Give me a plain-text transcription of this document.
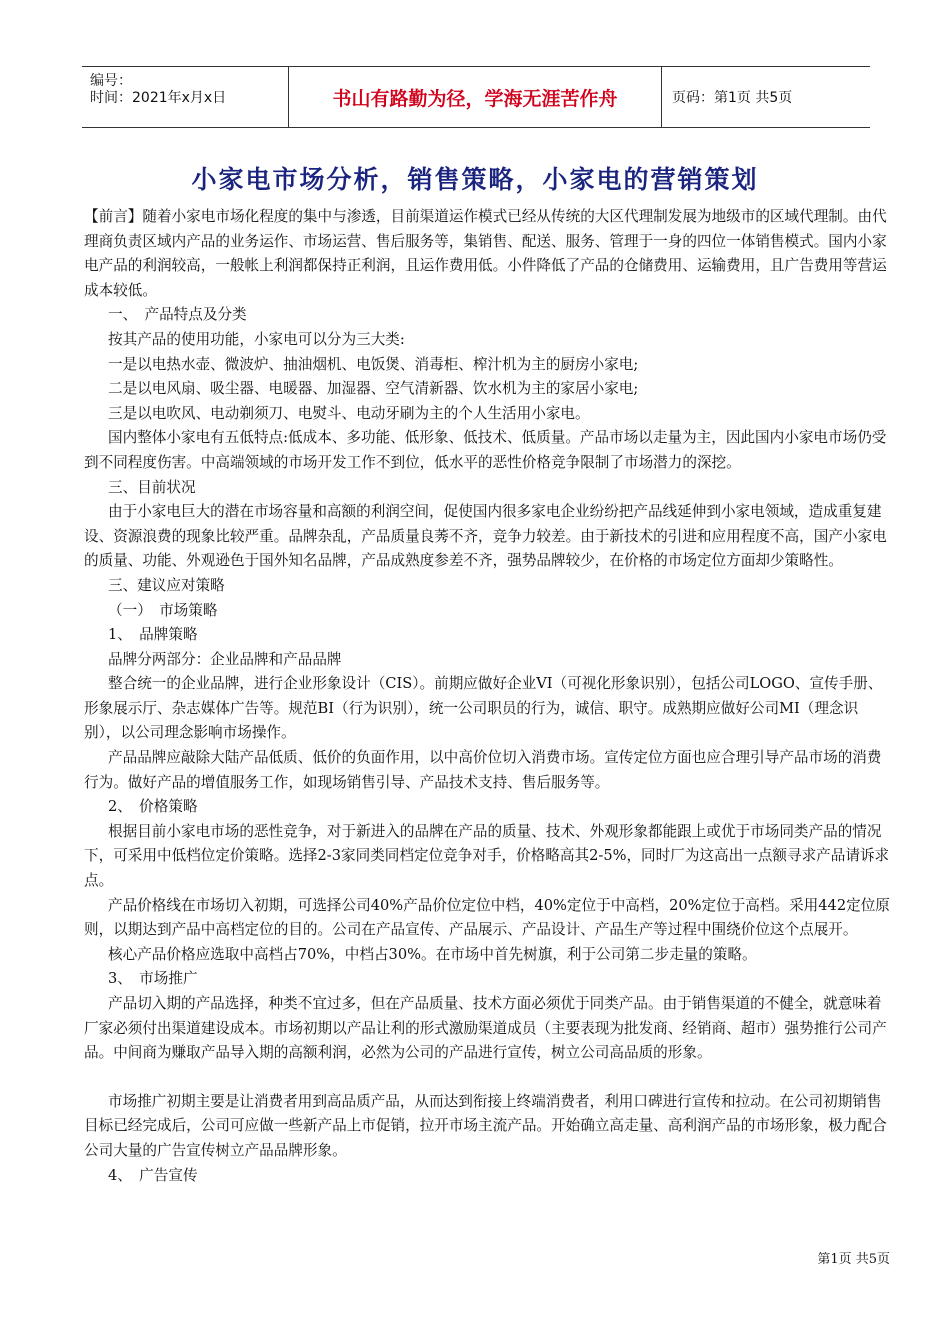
编号：
时间：2021年x月x日	书山有路勤为径，学海无涯苦作舟	页码：第1页 共5页
小家电市场分析，销售策略，小家电的营销策划

【前言】随着小家电市场化程度的集中与渗透，目前渠道运作模式已经从传统的大区代理制发展为地级市的区域代理制。由代理商负责区域内产品的业务运作、市场运营、售后服务等，集销售、配送、服务、管理于一身的四位一体销售模式。国内小家电产品的利润较高，一般帐上利润都保持正利润，且运作费用低。小件降低了产品的仓储费用、运输费用，且广告费用等营运成本较低。

一、　产品特点及分类

按其产品的使用功能，小家电可以分为三大类:

一是以电热水壶、微波炉、抽油烟机、电饭煲、消毒柜、榨汁机为主的厨房小家电;

二是以电风扇、吸尘器、电暖器、加湿器、空气清新器、饮水机为主的家居小家电;

三是以电吹风、电动剃须刀、电熨斗、电动牙刷为主的个人生活用小家电。

国内整体小家电有五低特点:低成本、多功能、低形象、低技术、低质量。产品市场以走量为主，因此国内小家电市场仍受到不同程度伤害。中高端领域的市场开发工作不到位，低水平的恶性价格竞争限制了市场潜力的深挖。

三、目前状况

由于小家电巨大的潜在市场容量和高额的利润空间，促使国内很多家电企业纷纷把产品线延伸到小家电领域，造成重复建设、资源浪费的现象比较严重。品牌杂乱，产品质量良莠不齐，竞争力较差。由于新技术的引进和应用程度不高，国产小家电的质量、功能、外观逊色于国外知名品牌，产品成熟度参差不齐，强势品牌较少，在价格的市场定位方面却少策略性。

三、建议应对策略

（一）　市场策略

1、　品牌策略

品牌分两部分：企业品牌和产品品牌

整合统一的企业品牌，进行企业形象设计（CIS）。前期应做好企业VI（可视化形象识别），包括公司LOGO、宣传手册、形象展示厅、杂志媒体广告等。规范BI（行为识别），统一公司职员的行为，诚信、职守。成熟期应做好公司MI（理念识别），以公司理念影响市场操作。

产品品牌应敲除大陆产品低质、低价的负面作用，以中高价位切入消费市场。宣传定位方面也应合理引导产品市场的消费行为。做好产品的增值服务工作，如现场销售引导、产品技术支持、售后服务等。

2、　价格策略

根据目前小家电市场的恶性竞争，对于新进入的品牌在产品的质量、技术、外观形象都能跟上或优于市场同类产品的情况下，可采用中低档位定价策略。选择2-3家同类同档定位竞争对手，价格略高其2-5%，同时厂为这高出一点额寻求产品请诉求点。

产品价格线在市场切入初期，可选择公司40%产品价位定位中档，40%定位于中高档，20%定位于高档。采用442定位原则，以期达到产品中高档定位的目的。公司在产品宣传、产品展示、产品设计、产品生产等过程中围绕价位这个点展开。

核心产品价格应选取中高档占70%，中档占30%。在市场中首先树旗，利于公司第二步走量的策略。

3、　市场推广

产品切入期的产品选择，种类不宜过多，但在产品质量、技术方面必须优于同类产品。由于销售渠道的不健全，就意味着厂家必须付出渠道建设成本。市场初期以产品让利的形式激励渠道成员（主要表现为批发商、经销商、超市）强势推行公司产品。中间商为赚取产品导入期的高额利润，必然为公司的产品进行宣传，树立公司高品质的形象。

市场推广初期主要是让消费者用到高品质产品，从而达到衔接上终端消费者，利用口碑进行宣传和拉动。在公司初期销售目标已经完成后，公司可应做一些新产品上市促销，拉开市场主流产品。开始确立高走量、高利润产品的市场形象，极力配合公司大量的广告宣传树立产品品牌形象。

4、　广告宣传

第1页 共5页
